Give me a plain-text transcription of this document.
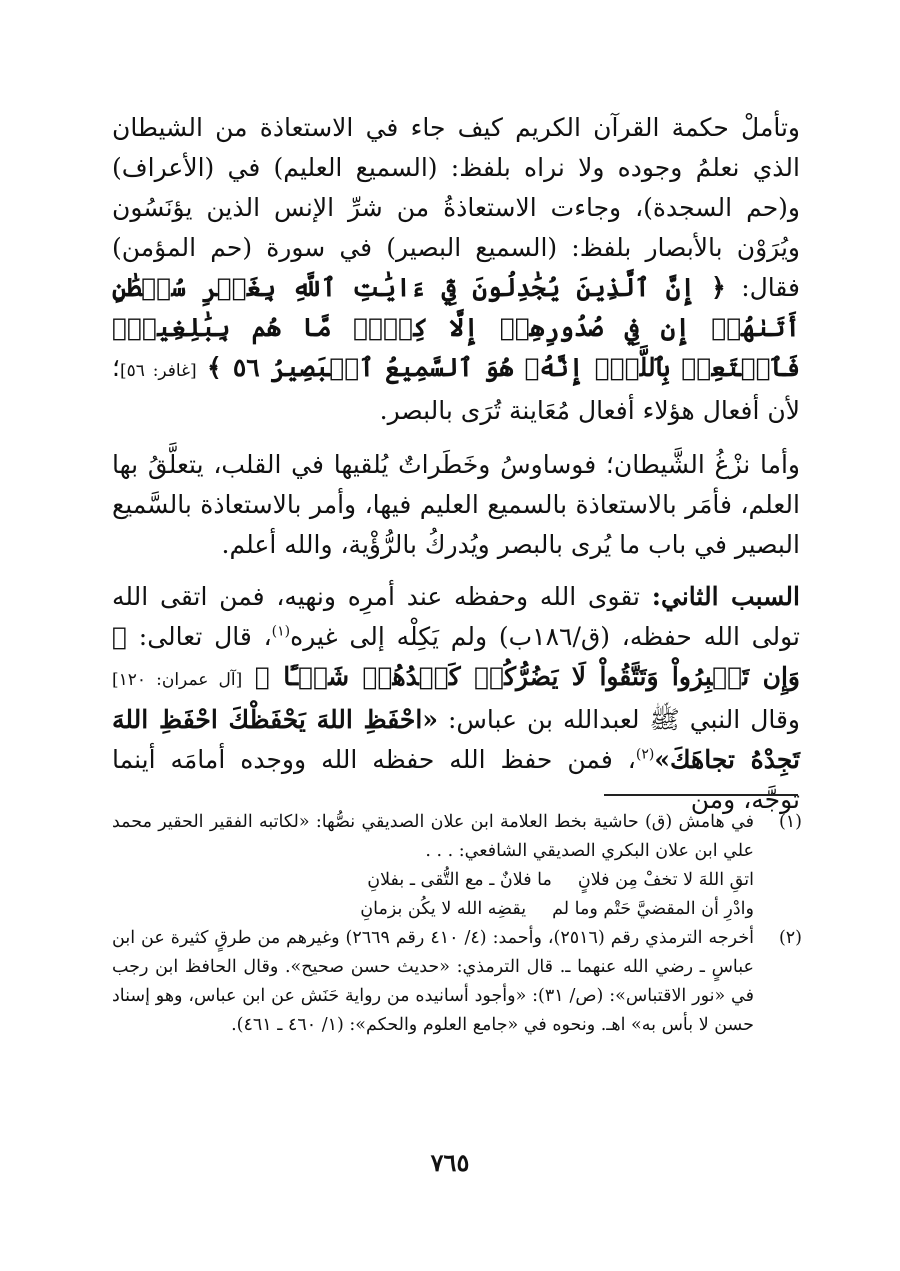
وتأملْ حكمة القرآن الكريم كيف جاء في الاستعاذة من الشيطان الذي نعلمُ وجوده ولا نراه بلفظ: (السميع العليم) في (الأعراف) و(حم السجدة)، وجاءت الاستعاذةُ من شرِّ الإنس الذين يؤنَسُون ويُرَوْن بالأبصار بلفظ: (السميع البصير) في سورة (حم المؤمن) فقال: ﴿ إِنَّ ٱلَّذِينَ يُجَٰدِلُونَ فِيٓ ءَايَٰتِ ٱللَّهِ بِغَيۡرِ سُلۡطَٰنٍ أَتَىٰهُمۡ إِن فِي صُدُورِهِمۡ إِلَّا كِبۡرٞ مَّا هُم بِبَٰلِغِيهِۚ فَٱسۡتَعِذۡ بِٱللَّهِۖ إِنَّهُۥ هُوَ ٱلسَّمِيعُ ٱلۡبَصِيرُ ٥٦ ﴾ [غافر: ٥٦]؛ لأن أفعال هؤلاء أفعال مُعَاينة تُرَى بالبصر.

وأما نزْغُ الشَّيطان؛ فوساوسُ وخَطَراتٌ يُلقيها في القلب، يتعلَّقُ بها العلم، فأمَر بالاستعاذة بالسميع العليم فيها، وأمر بالاستعاذة بالسَّميع البصير في باب ما يُرى بالبصر ويُدركُ بالرُّؤْية، والله أعلم.

السبب الثاني: تقوى الله وحفظه عند أمرِه ونهيه، فمن اتقى الله تولى الله حفظه، (ق/١٨٦ب) ولم يَكِلْه إلى غيره$^{(١)}$، قال تعالى: ﴿ وَإِن تَصۡبِرُواْ وَتَتَّقُواْ لَا يَضُرُّكُمۡ كَيۡدُهُمۡ شَيۡـًٔا ﴾ [آل عمران: ١٢٠] وقال النبي ﷺ لعبدالله بن عباس: «احْفَظِ اللهَ يَحْفَظْكَ احْفَظِ اللهَ تَجِدْهُ تجاهَكَ»$^{(٢)}$، فمن حفظ الله حفظه الله ووجده أمامَه أينما توجَّه، ومن

(١)

في هامش (ق) حاشية بخط العلامة ابن علان الصديقي نصُّها: «لكاتبه الفقير الحقير محمد علي ابن علان البكري الصديقي الشافعي: . . .

اتقِ اللهَ لا تخفْ مِن فلانٍ
ما فلانٌ ـ مع التُّقى ـ بفلانِ
وادْرِ أن المقضيَّ حَتْم وما لم
يقضِه الله لا يكُن بزمانِ
(٢)

أخرجه الترمذي رقم (٢٥١٦)، وأحمد: (٤/ ٤١٠ رقم ٢٦٦٩) وغيرهم من طرقٍ كثيرة عن ابن عباسٍ ـ رضي الله عنهما ـ. قال الترمذي: «حديث حسن صحيح». وقال الحافظ ابن رجب في «نور الاقتباس»: (ص/ ٣١): «وأجود أسانيده من رواية حَنَش عن ابن عباس، وهو إسناد حسن لا بأس به» اهـ. ونحوه في «جامع العلوم والحكم»: (١/ ٤٦٠ ـ ٤٦١).

٧٦٥
